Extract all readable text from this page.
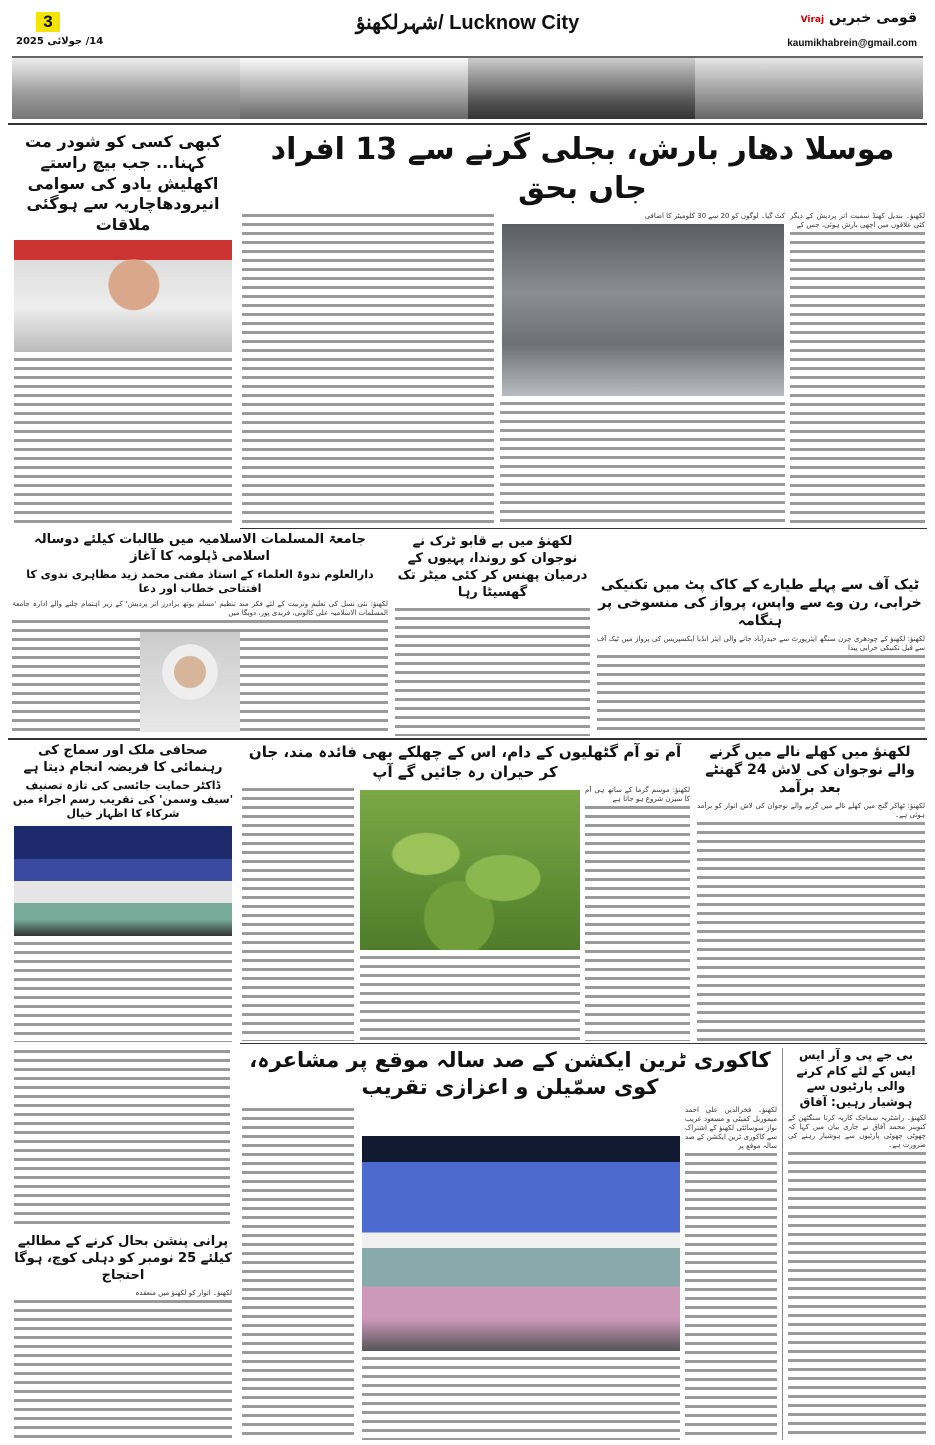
3
14/ جولائی 2025
شہرلکھنؤ/ Lucknow City	قومی خبریں Viraj
kaumikhabrein@gmail.com
کبھی کسی کو شودر مت کہنا... جب بیچ راستے اکھلیش یادو کی سوامی انیرودھاچاریہ سے ہوگئی ملاقات
موسلا دھار بارش، بجلی گرنے سے 13 افراد جاں بحق
لکھنؤ۔ بندیل کھنڈ سمیت اتر پردیش کے دیگر کئی علاقوں میں اچھی بارش ہوئی، جس کے
کٹ گیا۔ لوگوں کو 20 سے 30 کلومیٹر کا اضافی
جامعۃ المسلمات الاسلامیہ میں طالبات کیلئے دوسالہ اسلامی ڈپلومہ کا آغاز
دارالعلوم ندوۃ العلماء کے استاذ مفتی محمد زید مظاہری ندوی کا افتتاحی خطاب اور دعا
لکھنؤ: نئی نسل کی تعلیم وتربیت کے لئے فکر مند تنظیم 'مسلم یوتھ برادرز اتر پردیش' کے زیر اہتمام چلنے والے ادارہ جامعۃ المسلمات الاسلامیہ علی کالونی، فریدی پور، دوبگا میں
لکھنؤ میں بے قابو ٹرک نے نوجوان کو روندا، پہیوں کے درمیان پھنس کر کئی میٹر تک گھسیٹا رہا	ٹیک آف سے پہلے طیارے کے کاک پٹ میں تکنیکی خرابی، رن وے سے واپس، پرواز کی منسوخی پر ہنگامہ
لکھنؤ: لکھنؤ کے چودھری چرن سنگھ ایئرپورٹ سے حیدرآباد جانے والی ایئر انڈیا ایکسپریس کی پرواز میں ٹیک آف سے قبل تکنیکی خرابی پیدا
صحافی ملک اور سماج کی رہنمائی کا فریضہ انجام دیتا ہے
ڈاکٹر حمایت جائسی کی تازہ تصنیف 'سیف وسمن' کی تقریب رسم اجراء میں شرکاء کا اظہار خیال
آم تو آم گٹھلیوں کے دام، اس کے چھلکے بھی فائدہ مند، جان کر حیران رہ جائیں گے آپ
لکھنؤ: موسم گرما کے ساتھ ہی آم کا سیزن شروع ہو جاتا ہے
لکھنؤ میں کھلے نالے میں گرنے والے نوجوان کی لاش 24 گھنٹے بعد برآمد
لکھنؤ: ٹھاکر گنج میں کھلے نالے میں گرنے والے نوجوان کی لاش اتوار کو برآمد ہوئی ہے۔
پرانی پنشن بحال کرنے کے مطالبے کیلئے 25 نومبر کو دہلی کوچ، ہوگا احتجاج
لکھنؤ۔ اتوار کو لکھنؤ میں منعقدہ
کاکوری ٹرین ایکشن کے صد سالہ موقع پر مشاعرہ، کوی سمّیلن و اعزازی تقریب
لکھنؤ۔ فخرالدین علی احمد میموریل کمیٹی و مسعود غریب نواز سوسائٹی لکھنؤ کے اشتراک سے کاکوری ٹرین ایکشن کے صد سالہ موقع پر
بی جے پی و آر ایس ایس کے لئے کام کرنے والی پارٹیوں سے ہوشیار رہیں: آفاق
لکھنؤ۔ راشٹریہ سماجک کاریہ کرتا سنگٹھن کے کنوینر محمد آفاق نے جاری بیان میں کہا کہ چھوٹی چھوٹی پارٹیوں سے ہوشیار رہنے کی ضرورت ہے۔
